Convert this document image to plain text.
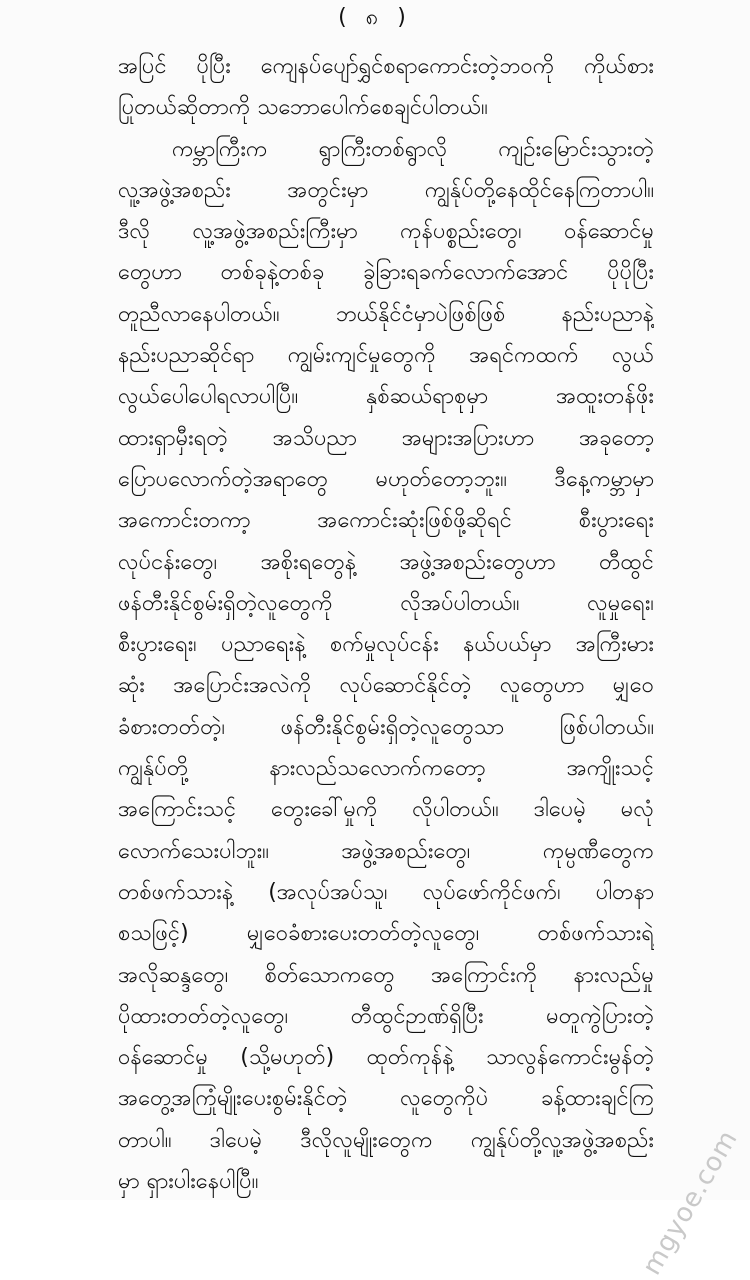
( ၈ )
အပြင် ပိုပြီး ကျေနပ်ပျော်ရွှင်စရာကောင်းတဲ့ဘဝကို ကိုယ်စား
ပြုတယ်ဆိုတာကို သဘောပေါက်စေချင်ပါတယ်။
ကမ္ဘာကြီးက ရွာကြီးတစ်ရွာလို ကျဉ်းမြောင်းသွားတဲ့
လူ့အဖွဲ့အစည်း အတွင်းမှာ ကျွန်ုပ်တို့နေထိုင်နေကြတာပါ။
ဒီလို လူ့အဖွဲ့အစည်းကြီးမှာ ကုန်ပစ္စည်းတွေ၊ ဝန်ဆောင်မှု
တွေဟာ တစ်ခုနဲ့တစ်ခု ခွဲခြားရခက်လောက်အောင် ပိုပိုပြီး
တူညီလာနေပါတယ်။ ဘယ်နိုင်ငံမှာပဲဖြစ်ဖြစ် နည်းပညာနဲ့
နည်းပညာဆိုင်ရာ ကျွမ်းကျင်မှုတွေကို အရင်ကထက် လွယ်
လွယ်ပေါပေါရလာပါပြီ။ နှစ်ဆယ်ရာစုမှာ အထူးတန်ဖိုး
ထားရှာမှီးရတဲ့ အသိပညာ အများအပြားဟာ အခုတော့
ပြောပလောက်တဲ့အရာတွေ မဟုတ်တော့ဘူး။ ဒီနေ့ကမ္ဘာမှာ
အကောင်းတကာ့ အကောင်းဆုံးဖြစ်ဖို့ဆိုရင် စီးပွားရေး
လုပ်ငန်းတွေ၊ အစိုးရတွေနဲ့ အဖွဲ့အစည်းတွေဟာ တီထွင်
ဖန်တီးနိုင်စွမ်းရှိတဲ့လူတွေကို လိုအပ်ပါတယ်။ လူမှုရေး၊
စီးပွားရေး၊ ပညာရေးနဲ့ စက်မှုလုပ်ငန်း နယ်ပယ်မှာ အကြီးမား
ဆုံး အပြောင်းအလဲကို လုပ်ဆောင်နိုင်တဲ့ လူတွေဟာ မျှဝေ
ခံစားတတ်တဲ့၊ ဖန်တီးနိုင်စွမ်းရှိတဲ့လူတွေသာ ဖြစ်ပါတယ်။
ကျွန်ုပ်တို့ နားလည်သလောက်ကတော့ အကျိုးသင့်
အကြောင်းသင့် တွေးခေါ်မှုကို လိုပါတယ်။ ဒါပေမဲ့ မလုံ
လောက်သေးပါဘူး။ အဖွဲ့အစည်းတွေ၊ ကုမ္ပဏီတွေက
တစ်ဖက်သားနဲ့ (အလုပ်အပ်သူ၊ လုပ်ဖော်ကိုင်ဖက်၊ ပါတနာ
စသဖြင့်) မျှဝေခံစားပေးတတ်တဲ့လူတွေ၊ တစ်ဖက်သားရဲ့
အလိုဆန္ဒတွေ၊ စိတ်သောကတွေ အကြောင်းကို နားလည်မှု
ပိုထားတတ်တဲ့လူတွေ၊ တီထွင်ဉာဏ်ရှိပြီး မတူကွဲပြားတဲ့
ဝန်ဆောင်မှု (သို့မဟုတ်) ထုတ်ကုန်နဲ့ သာလွန်ကောင်းမွန်တဲ့
အတွေ့အကြုံမျိုးပေးစွမ်းနိုင်တဲ့ လူတွေကိုပဲ ခန့်ထားချင်ကြ
တာပါ။ ဒါပေမဲ့ ဒီလိုလူမျိုးတွေက ကျွန်ုပ်တို့လူ့အဖွဲ့အစည်း
မှာ ရှားပါးနေပါပြီ။	mgyoe.com
